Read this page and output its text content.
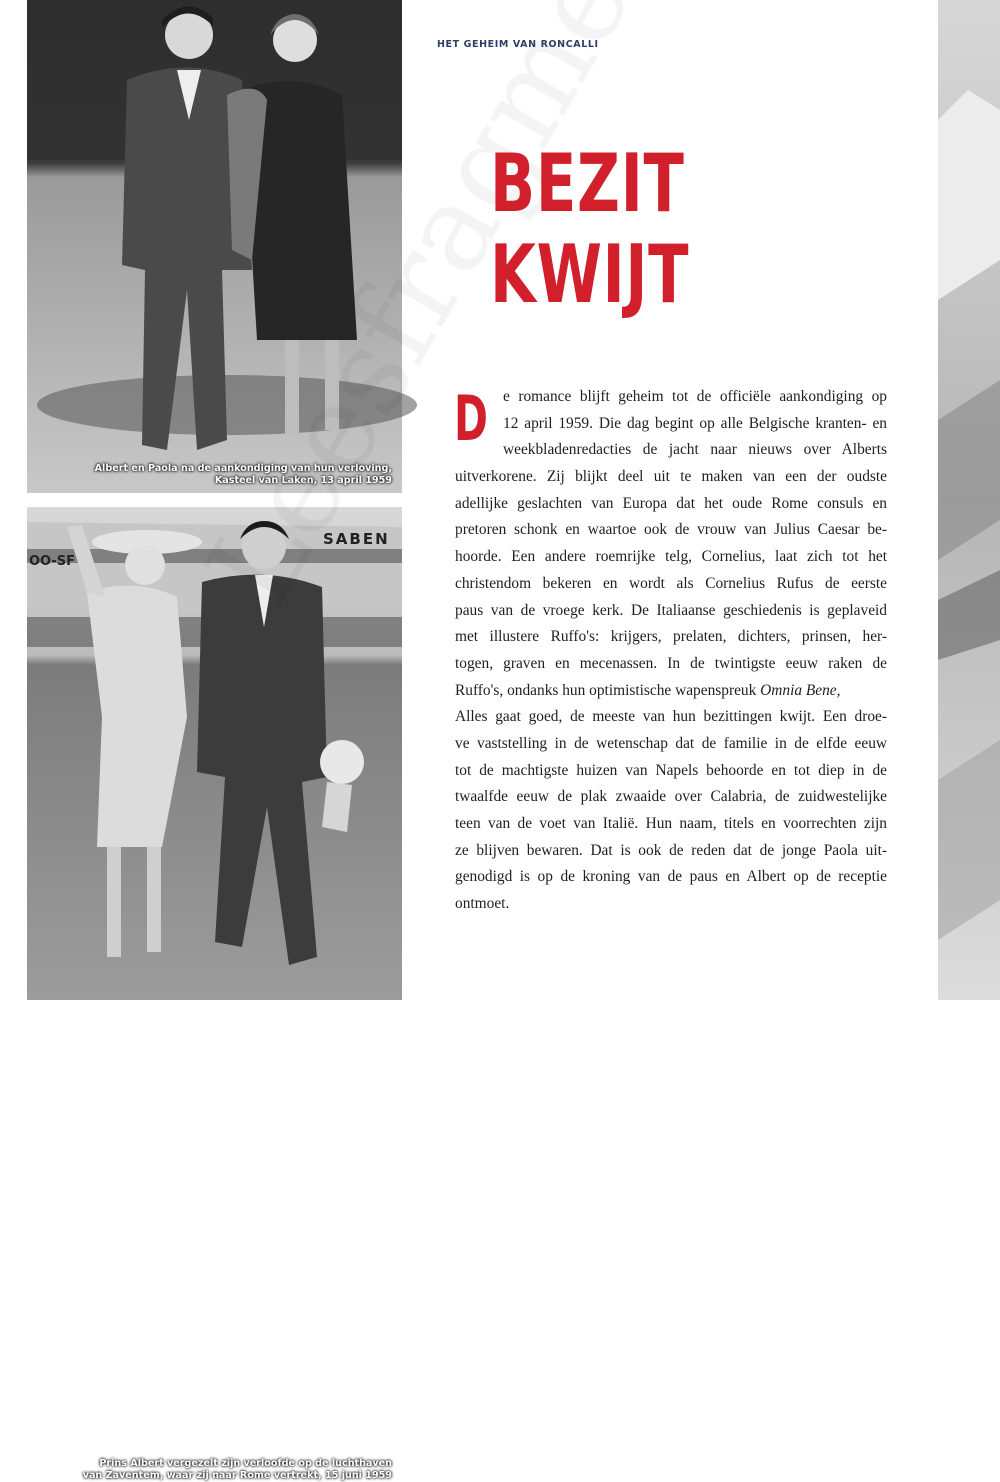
Albert en Paola na de aankondiging van hun verloving,
Kasteel van Laken, 13 april 1959
OO-SF
SABEN
Prins Albert vergezelt zijn verloofde op de luchthaven
van Zaventem, waar zij naar Rome vertrekt, 15 juni 1959
HET GEHEIM VAN RONCALLI
BEZIT
KWIJT
D e romance blijft geheim tot de officiële aankondiging op
12 april 1959. Die dag begint op alle Belgische kranten- en
weekbladenredacties de jacht naar nieuws over Alberts
uitverkorene. Zij blijkt deel uit te maken van een der oudste
adellijke geslachten van Europa dat het oude Rome consuls en
pretoren schonk en waartoe ook de vrouw van Julius Caesar be-
hoorde. Een andere roemrijke telg, Cornelius, laat zich tot het
christendom bekeren en wordt als Cornelius Rufus de eerste
paus van de vroege kerk. De Italiaanse geschiedenis is geplaveid
met illustere Ruffo's: krijgers, prelaten, dichters, prinsen, her-
togen, graven en mecenassen. In de twintigste eeuw raken de
Ruffo's, ondanks hun optimistische wapenspreuk Omnia Bene,
Alles gaat goed, de meeste van hun bezittingen kwijt. Een droe-
ve vaststelling in de wetenschap dat de familie in de elfde eeuw
tot de machtigste huizen van Napels behoorde en tot diep in de
twaalfde eeuw de plak zwaaide over Calabria, de zuidwestelijke
teen van de voet van Italië. Hun naam, titels en voorrechten zijn
ze blijven bewaren. Dat is ook de reden dat de jonge Paola uit-
genodigd is op de kroning van de paus en Albert op de receptie
ontmoet.
